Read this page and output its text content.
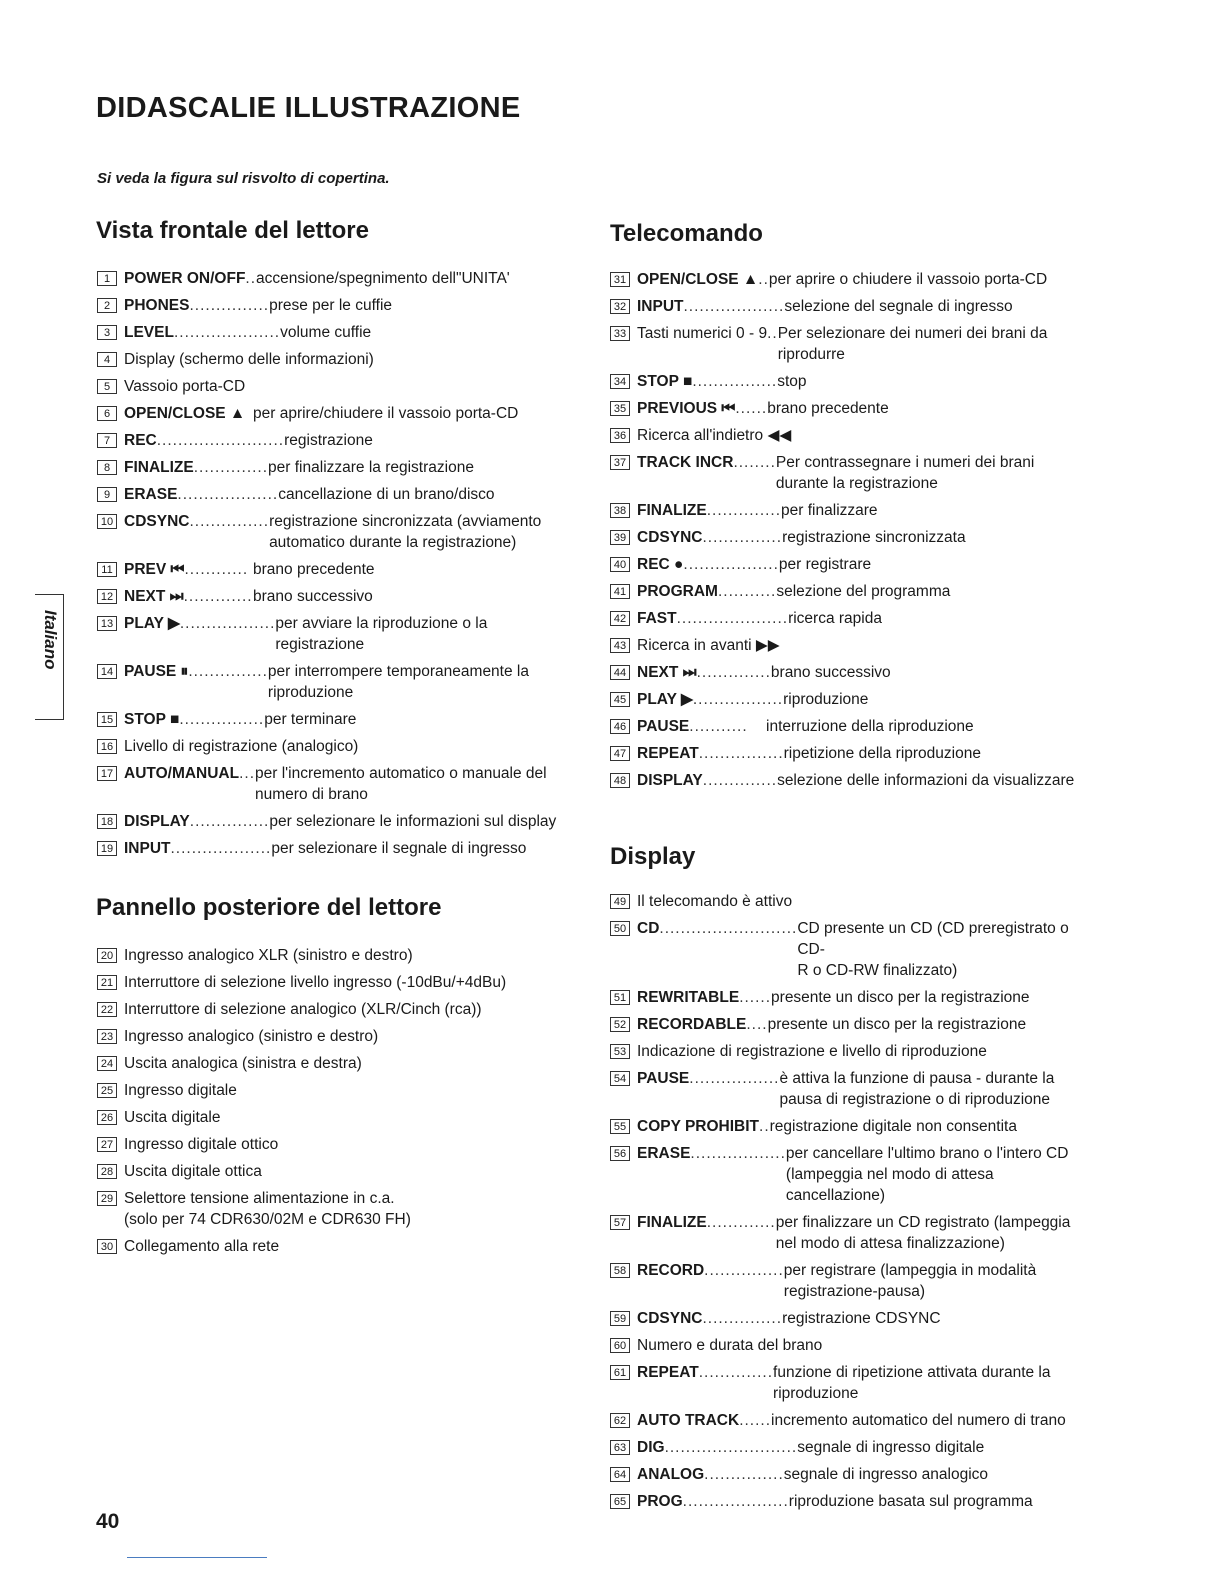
DIDASCALIE ILLUSTRAZIONE
Si veda la figura sul risvolto di copertina.
Vista frontale del lettore
1 POWER ON/OFF .. accensione/spegnimento dell"UNITA'
2 PHONES ............... prese per le cuffie
3 LEVEL .................... volume cuffie
4 Display (schermo delle informazioni)
5 Vassoio porta-CD
6 OPEN/CLOSE ▲ per aprire/chiudere il vassoio porta-CD
7 REC ........................ registrazione
8 FINALIZE .............. per finalizzare la registrazione
9 ERASE ................... cancellazione di un brano/disco
10 CDSYNC ............... registrazione sincronizzata (avviamento
automatico durante la registrazione)
11 PREV ⏮ ............ brano precedente
12 NEXT ⏭ ............. brano successivo
13 PLAY ▶ .................. per avviare la riproduzione o la registrazione
14 PAUSE ⏸ ............... per interrompere temporaneamente la
riproduzione
15 STOP ■ ................ per terminare
16 Livello di registrazione (analogico)
17 AUTO/MANUAL ... per l'incremento automatico o manuale del
numero di brano
18 DISPLAY ............... per selezionare le informazioni sul display
19 INPUT ................... per selezionare il segnale di ingresso
Pannello posteriore del lettore
20 Ingresso analogico XLR (sinistro e destro)
21 Interruttore di selezione livello ingresso (-10dBu/+4dBu)
22 Interruttore di selezione analogico (XLR/Cinch (rca))
23 Ingresso analogico (sinistro e destro)
24 Uscita analogica (sinistra e destra)
25 Ingresso digitale
26 Uscita digitale
27 Ingresso digitale ottico
28 Uscita digitale ottica
29 Selettore tensione alimentazione in c.a.
(solo per 74 CDR630/02M e CDR630 FH)
30 Collegamento alla rete
Telecomando
31 OPEN/CLOSE ▲ .. per aprire o chiudere il vassoio porta-CD
32 INPUT ................... selezione del segnale di ingresso
33 Tasti numerici 0 - 9 .. Per selezionare dei numeri dei brani da
riprodurre
34 STOP ■ ................ stop
35 PREVIOUS ⏮ ...... brano precedente
36 Ricerca all'indietro ◀◀
37 TRACK INCR ........ Per contrassegnare i numeri dei brani
durante la registrazione
38 FINALIZE .............. per finalizzare
39 CDSYNC ............... registrazione sincronizzata
40 REC ● .................. per registrare
41 PROGRAM ........... selezione del programma
42 FAST ..................... ricerca rapida
43 Ricerca in avanti ▶▶
44 NEXT ⏭ .............. brano successivo
45 PLAY ▶ ................. riproduzione
46 PAUSE ........... interruzione della riproduzione
47 REPEAT ................ ripetizione della riproduzione
48 DISPLAY .............. selezione delle informazioni da visualizzare
Display
49 Il telecomando è attivo
50 CD .......................... CD presente un CD (CD preregistrato o CD-
R o CD-RW finalizzato)
51 REWRITABLE ...... presente un disco per la registrazione
52 RECORDABLE .... presente un disco per la registrazione
53 Indicazione di registrazione e livello di riproduzione
54 PAUSE ................. è attiva la funzione di pausa - durante la
pausa di registrazione o di riproduzione
55 COPY PROHIBIT .. registrazione digitale non consentita
56 ERASE .................. per cancellare l'ultimo brano o l'intero CD
(lampeggia nel modo di attesa cancellazione)
57 FINALIZE ............. per finalizzare un CD registrato (lampeggia
nel modo di attesa finalizzazione)
58 RECORD ............... per registrare (lampeggia in modalità
registrazione-pausa)
59 CDSYNC ............... registrazione CDSYNC
60 Numero e durata del brano
61 REPEAT .............. funzione di ripetizione attivata durante la
riproduzione
62 AUTO TRACK ...... incremento automatico del numero di trano
63 DIG ......................... segnale di ingresso digitale
64 ANALOG ............... segnale di ingresso analogico
65 PROG .................... riproduzione basata sul programma
Italiano
40
